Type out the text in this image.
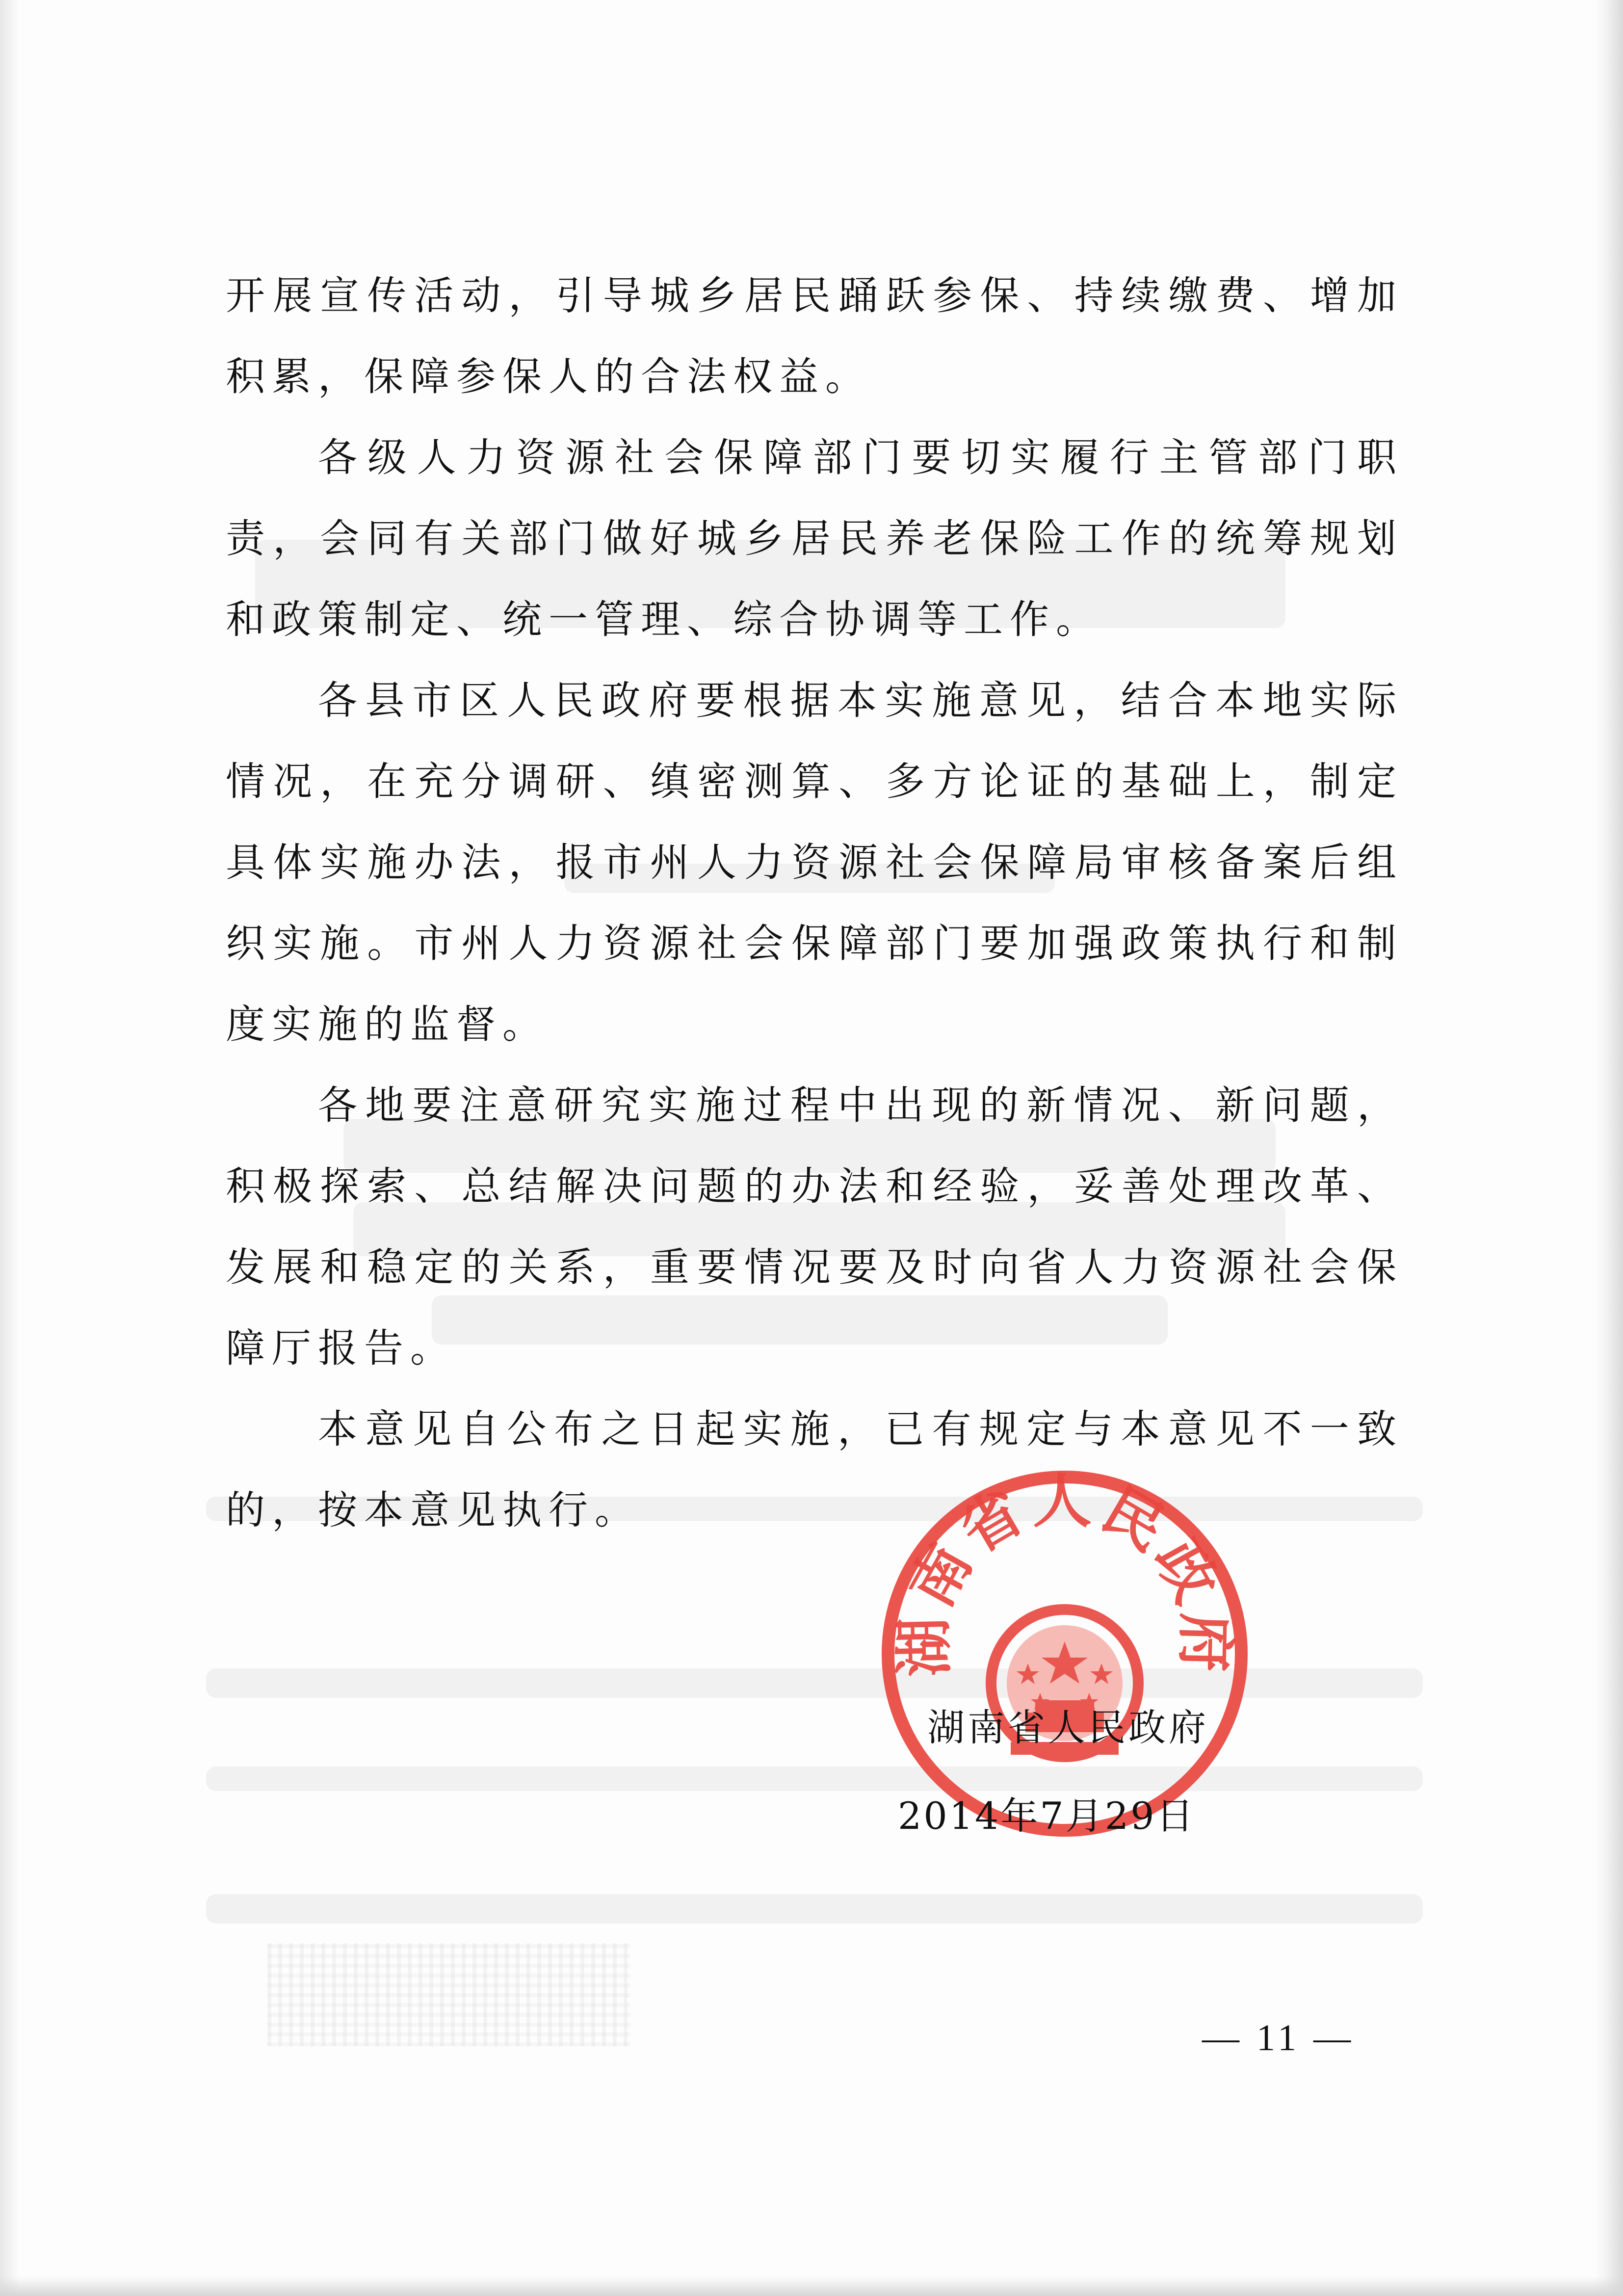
开展宣传活动，引导城乡居民踊跃参保、持续缴费、增加积累，保障参保人的合法权益。

各级人力资源社会保障部门要切实履行主管部门职责，会同有关部门做好城乡居民养老保险工作的统筹规划和政策制定、统一管理、综合协调等工作。

各县市区人民政府要根据本实施意见，结合本地实际情况，在充分调研、缜密测算、多方论证的基础上，制定具体实施办法，报市州人力资源社会保障局审核备案后组织实施。市州人力资源社会保障部门要加强政策执行和制度实施的监督。

各地要注意研究实施过程中出现的新情况、新问题，积极探索、总结解决问题的办法和经验，妥善处理改革、发展和稳定的关系，重要情况要及时向省人力资源社会保障厅报告。

本意见自公布之日起实施，已有规定与本意见不一致的，按本意见执行。

湖南省人民政府
湖南省人民政府
2014年7月29日
— 11 —
